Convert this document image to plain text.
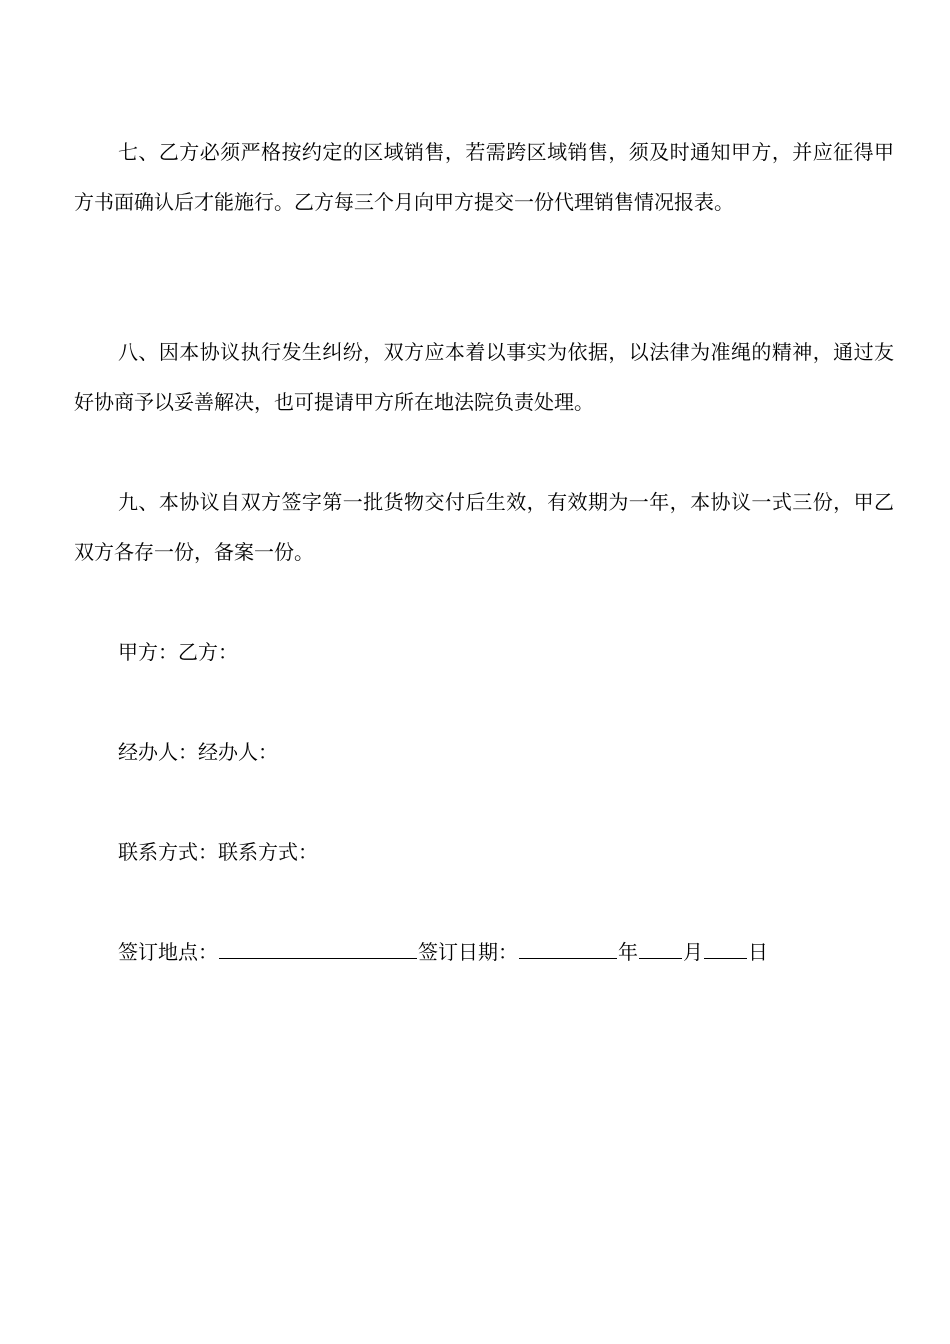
七、乙方必须严格按约定的区域销售，若需跨区域销售，须及时通知甲方，并应征得甲方书面确认后才能施行。乙方每三个月向甲方提交一份代理销售情况报表。

八、因本协议执行发生纠纷，双方应本着以事实为依据，以法律为准绳的精神，通过友好协商予以妥善解决，也可提请甲方所在地法院负责处理。

九、本协议自双方签字第一批货物交付后生效，有效期为一年，本协议一式三份，甲乙双方各存一份，备案一份。

甲方：乙方：

经办人：经办人：

联系方式：联系方式：

签订地点：	签订日期：	年 月 日
